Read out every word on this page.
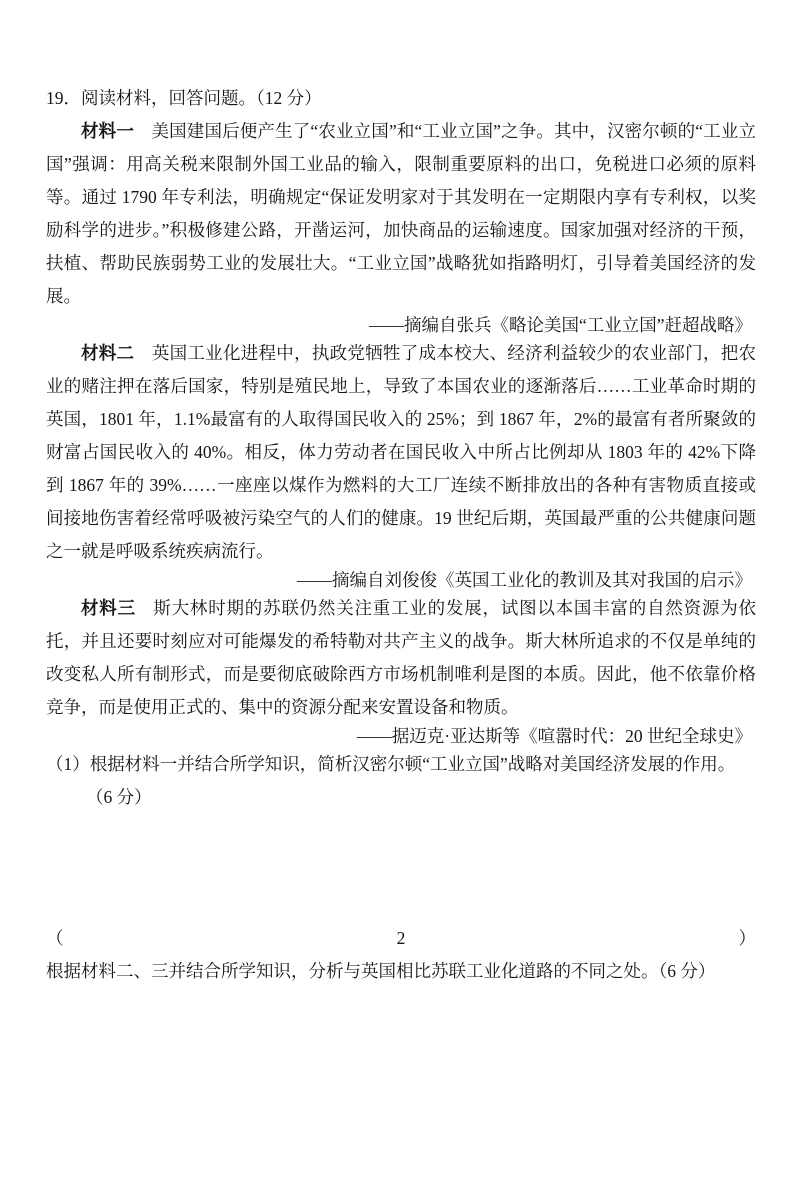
19．阅读材料，回答问题。（12 分）

材料一 美国建国后便产生了“农业立国”和“工业立国”之争。其中，汉密尔顿的“工业立国”强调：用高关税来限制外国工业品的输入，限制重要原料的出口，免税进口必须的原料等。通过 1790 年专利法，明确规定“保证发明家对于其发明在一定期限内享有专利权，以奖励科学的进步。”积极修建公路，开凿运河，加快商品的运输速度。国家加强对经济的干预，扶植、帮助民族弱势工业的发展壮大。“工业立国”战略犹如指路明灯，引导着美国经济的发展。

——摘编自张兵《略论美国“工业立国”赶超战略》

材料二 英国工业化进程中，执政党牺牲了成本校大、经济利益较少的农业部门，把农业的赌注押在落后国家，特别是殖民地上，导致了本国农业的逐渐落后……工业革命时期的英国，1801 年，1.1%最富有的人取得国民收入的 25%；到 1867 年，2%的最富有者所聚敛的财富占国民收入的 40%。相反，体力劳动者在国民收入中所占比例却从 1803 年的 42%下降到 1867 年的 39%……一座座以煤作为燃料的大工厂连续不断排放出的各种有害物质直接或间接地伤害着经常呼吸被污染空气的人们的健康。19 世纪后期，英国最严重的公共健康问题之一就是呼吸系统疾病流行。

——摘编自刘俊俊《英国工业化的教训及其对我国的启示》

材料三 斯大林时期的苏联仍然关注重工业的发展，试图以本国丰富的自然资源为依托，并且还要时刻应对可能爆发的希特勒对共产主义的战争。斯大林所追求的不仅是单纯的改变私人所有制形式，而是要彻底破除西方市场机制唯利是图的本质。因此，他不依靠价格竞争，而是使用正式的、集中的资源分配来安置设备和物质。

——据迈克·亚达斯等《喧嚣时代：20 世纪全球史》

（1）根据材料一并结合所学知识，简析汉密尔顿“工业立国”战略对美国经济发展的作用。

（6 分）

（2）根据材料二、三并结合所学知识，分析与英国相比苏联工业化道路的不同之处。（6 分）
